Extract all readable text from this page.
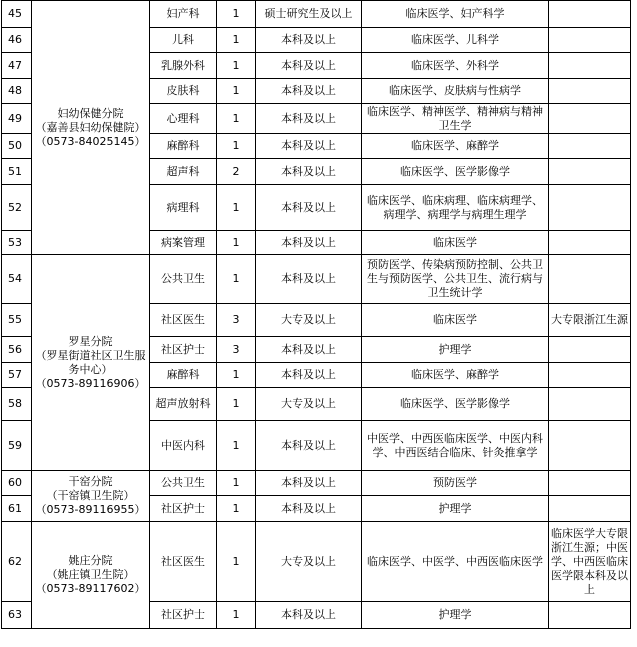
45	妇幼保健分院
（嘉善县妇幼保健院）
（0573-84025145）	妇产科	1	硕士研究生及以上	临床医学、妇产科学	
46		儿科	1	本科及以上	临床医学、儿科学	
47		乳腺外科	1	本科及以上	临床医学、外科学	
48		皮肤科	1	本科及以上	临床医学、皮肤病与性病学	
49		心理科	1	本科及以上	临床医学、精神医学、精神病与精神卫生学	
50		麻醉科	1	本科及以上	临床医学、麻醉学	
51		超声科	2	本科及以上	临床医学、医学影像学	
52		病理科	1	本科及以上	临床医学、临床病理、临床病理学、病理学、病理学与病理生理学	
53		病案管理	1	本科及以上	临床医学	
54	罗星分院
（罗星街道社区卫生服务中心）
（0573-89116906）	公共卫生	1	本科及以上	预防医学、传染病预防控制、公共卫生与预防医学、公共卫生、流行病与卫生统计学	
55		社区医生	3	大专及以上	临床医学	大专限浙江生源
56		社区护士	3	本科及以上	护理学	
57		麻醉科	1	本科及以上	临床医学、麻醉学	
58		超声放射科	1	大专及以上	临床医学、医学影像学	
59		中医内科	1	本科及以上	中医学、中西医临床医学、中医内科学、中西医结合临床、针灸推拿学	
60	干窑分院
（干窑镇卫生院）
（0573-89116955）	公共卫生	1	本科及以上	预防医学	
61		社区护士	1	本科及以上	护理学	
62	姚庄分院
（姚庄镇卫生院）
（0573-89117602）	社区医生	1	大专及以上	临床医学、中医学、中西医临床医学	临床医学大专限浙江生源；中医学、中西医临床医学限本科及以上
63		社区护士	1	本科及以上	护理学	
